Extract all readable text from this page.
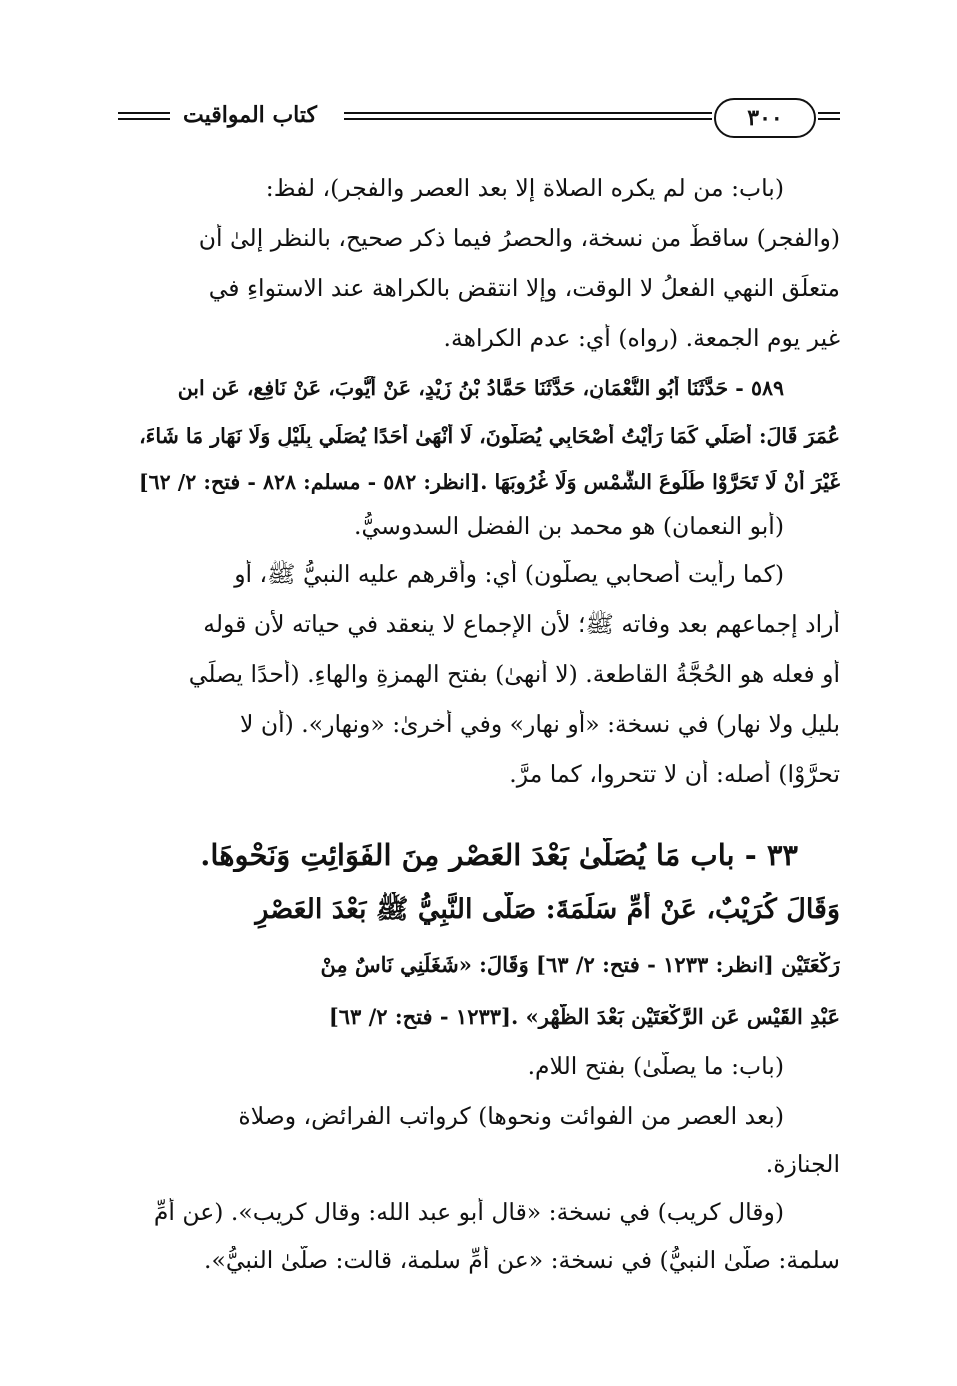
كتاب المواقيت	٣٠٠
(باب: من لم يكره الصلاة إلا بعد العصرِ والفجر)، لفظ:
(والفجر) ساقطٌ من نسخة، والحصرُ فيما ذكر صحيح، بالنظر إلىٰ أن
متعلِّق النهي الفعلُ لا الوقت، وإلا انتقض بالكراهة عند الاستواءِ في
غير يوم الجمعة. (رواه) أي: عدم الكراهة.
٥٨٩ - حَدَّثَنَا أَبُو النُّعْمَانِ، حَدَّثَنَا حَمَّادُ بْنُ زَيْدٍ، عَنْ أَيُّوبَ، عَنْ نَافِعٍ، عَنِ ابنِ
عُمَرَ قَالَ: أُصَلِّي كَمَا رَأَيْتُ أَصْحَابِي يُصَلُّونَ، لَا أَنْهَىٰ أَحَدًا يُصَلِّي بِلَيْلٍ وَلَا نَهَارٍ مَا شَاءَ،
غَيْرَ أَنْ لَا تَحَرَّوْا طُلُوعَ الشَّمْسِ وَلَا غُرُوبَهَا .[انظر: ٥٨٢ - مسلم: ٨٢٨ - فتح: ٢/ ٦٢]
(أبو النعمان) هو محمد بن الفضل السدوسيُّ.
(كما رأيت أصحابي يصلُّون) أي: وأقرهم عليه النبيُّ ﷺ، أو
أراد إجماعهم بعد وفاته ﷺ؛ لأن الإجماع لا ينعقد في حياته لأن قوله
أو فعله هو الحُجَّةُ القاطعة. (لا أنهىٰ) بفتح الهمزةِ والهاءِ. (أحدًا يصلِّي
بليلٍ ولا نهار) في نسخة: «أو نهار» وفي أخرىٰ: «ونهار». (أن لا
تحرَّوْا) أصله: أن لا تتحروا، كما مرَّ.
٣٣ - باب مَا يُصَلَّىٰ بَعْدَ العَصْرِ مِنَ الفَوَائِتِ وَنَحْوِهَا.
وَقَالَ كُرَيْبٌ، عَنْ أُمِّ سَلَمَةَ: صَلَّى النَّبِيُّ ﷺ بَعْدَ العَصْرِ
رَكْعَتَيْنِ [انظر: ١٢٣٣ - فتح: ٢/ ٦٣] وَقَالَ: «شَغَلَنِي نَاسٌ مِنْ
عَبْدِ القَيْسِ عَنِ الرَّكْعَتَيْنِ بَعْدَ الظُّهْرِ» .[١٢٣٣ - فتح: ٢/ ٦٣]
(باب: ما يصلَّىٰ) بفتح اللام.
(بعد العصر من الفوائت ونحوها) كرواتب الفرائض، وصلاة
الجنازة.
(وقال كريب) في نسخة: «قال أبو عبد الله: وقال كريب». (عن أمِّ
سلمة: صلَّىٰ النبيُّ) في نسخة: «عن أمِّ سلمة، قالت: صلَّىٰ النبيُّ».
